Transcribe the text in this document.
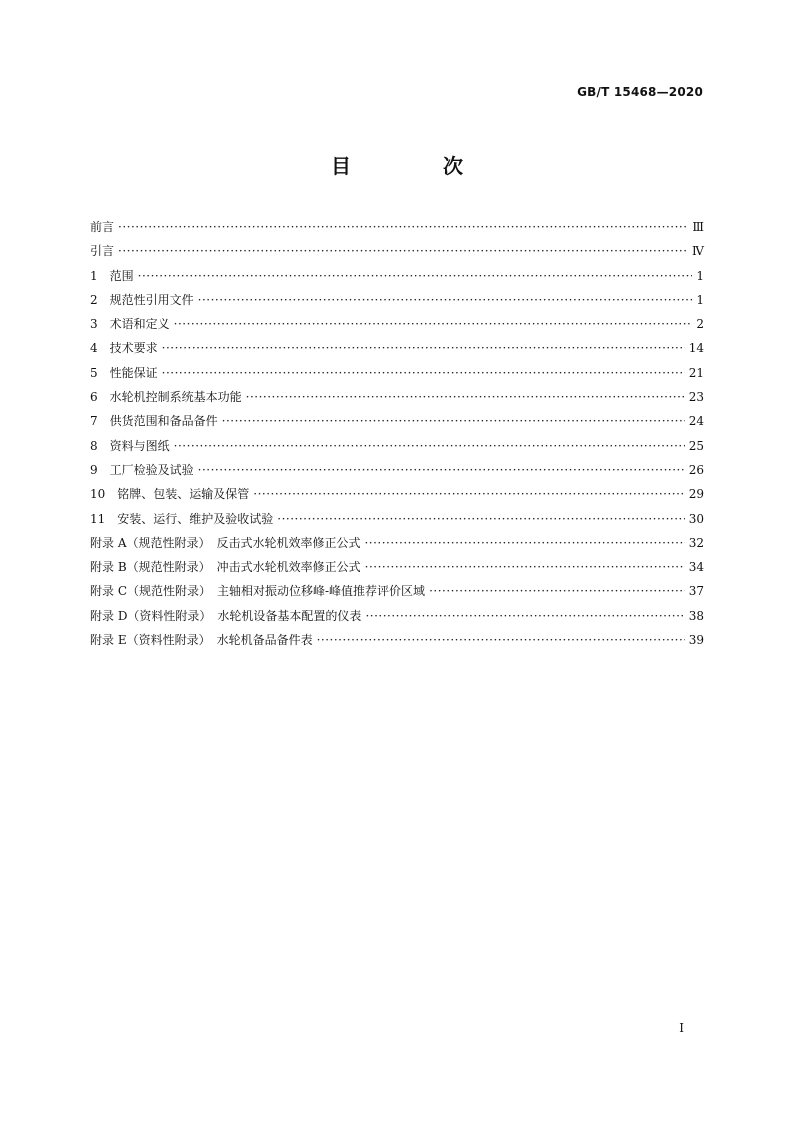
GB/T 15468—2020
目　次
前言 ·····	Ⅲ
引言 ·····	Ⅳ
1　范围 ·····	1
2　规范性引用文件 ·····	1
3　术语和定义 ·····	2
4　技术要求 ·····	14
5　性能保证 ·····	21
6　水轮机控制系统基本功能 ·····	23
7　供货范围和备品备件 ·····	24
8　资料与图纸 ·····	25
9　工厂检验及试验 ·····	26
10　铭牌、包装、运输及保管 ·····	29
11　安装、运行、维护及验收试验 ·····	30
附录 A（规范性附录）　反击式水轮机效率修正公式 ·····	32
附录 B（规范性附录）　冲击式水轮机效率修正公式 ·····	34
附录 C（规范性附录）　主轴相对振动位移峰-峰值推荐评价区域 ·····	37
附录 D（资料性附录）　水轮机设备基本配置的仪表 ·····	38
附录 E（资料性附录）　水轮机备品备件表 ·····	39
Ⅰ
